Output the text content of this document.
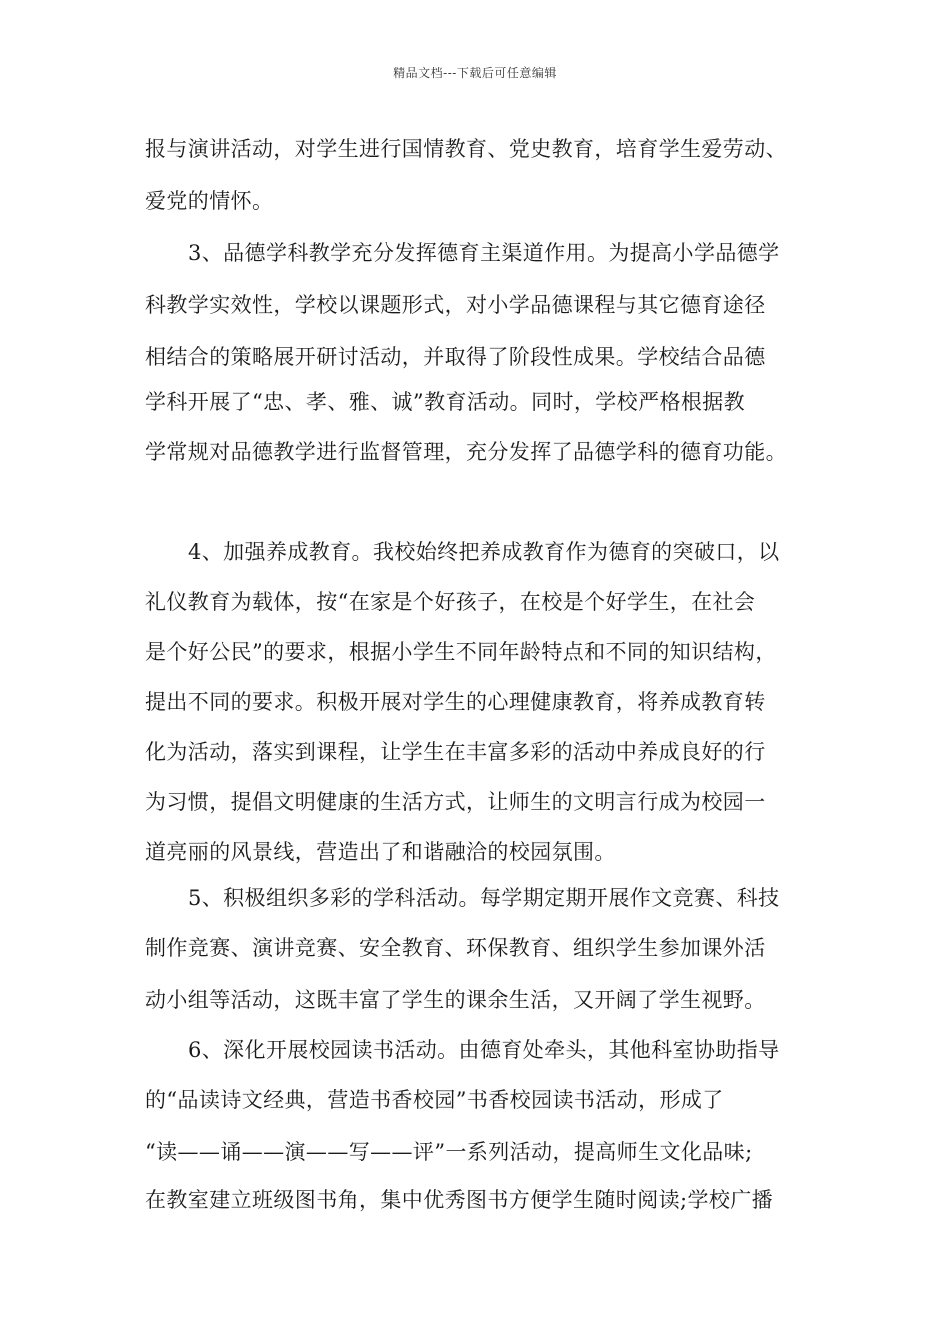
精品文档---下载后可任意编辑
报与演讲活动，对学生进行国情教育、党史教育，培育学生爱劳动、
爱党的情怀。
3、品德学科教学充分发挥德育主渠道作用。为提高小学品德学
科教学实效性，学校以课题形式，对小学品德课程与其它德育途径
相结合的策略展开研讨活动，并取得了阶段性成果。学校结合品德
学科开展了“忠、孝、雅、诚”教育活动。同时，学校严格根据教
学常规对品德教学进行监督管理，充分发挥了品德学科的德育功能。
4、加强养成教育。我校始终把养成教育作为德育的突破口，以
礼仪教育为载体，按“在家是个好孩子，在校是个好学生，在社会
是个好公民”的要求，根据小学生不同年龄特点和不同的知识结构，
提出不同的要求。积极开展对学生的心理健康教育，将养成教育转
化为活动，落实到课程，让学生在丰富多彩的活动中养成良好的行
为习惯，提倡文明健康的生活方式，让师生的文明言行成为校园一
道亮丽的风景线，营造出了和谐融洽的校园氛围。
5、积极组织多彩的学科活动。每学期定期开展作文竞赛、科技
制作竞赛、演讲竞赛、安全教育、环保教育、组织学生参加课外活
动小组等活动，这既丰富了学生的课余生活，又开阔了学生视野。
6、深化开展校园读书活动。由德育处牵头，其他科室协助指导
的“品读诗文经典，营造书香校园”书香校园读书活动，形成了
“读——诵——演——写——评”一系列活动，提高师生文化品味;
在教室建立班级图书角，集中优秀图书方便学生随时阅读;学校广播
